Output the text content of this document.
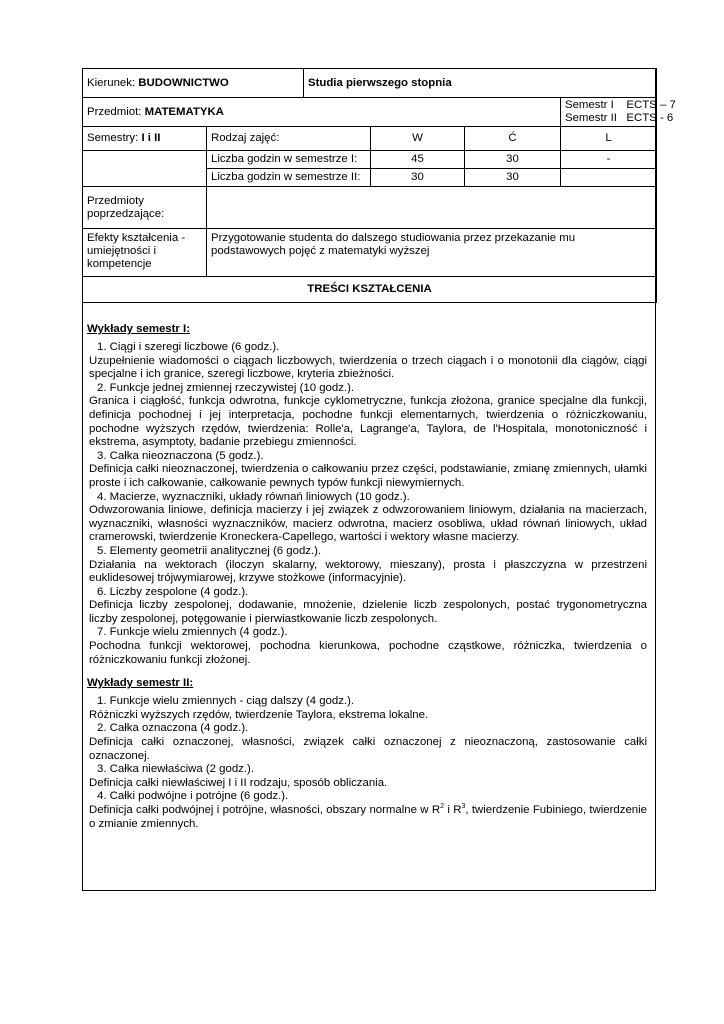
Kierunek: BUDOWNICTWO		Studia pierwszego stopnia			
Przedmiot: MATEMATYKA					Semestr I    ECTS – 7
Semestr II   ECTS - 6

Semestry: I i II	Rodzaj zajęć:		W	Ć	L
	Liczba godzin w semestrze I:		45	30	-
	Liczba godzin w semestrze II:		30	30	
Przedmioty poprzedzające:					
Efekty kształcenia - umiejętności i kompetencje	Przygotowanie studenta do dalszego studiowania przez przekazanie mu podstawowych pojęć z matematyki wyższej				
TREŚCI KSZTAŁCENIA					
Wykłady semestr I:

1. Ciągi i szeregi liczbowe (6 godz.).

Uzupełnienie wiadomości o ciągach liczbowych, twierdzenia o trzech ciągach i o monotonii dla ciągów, ciągi specjalne i ich granice, szeregi liczbowe, kryteria zbieżności.

2. Funkcje jednej zmiennej rzeczywistej (10 godz.).

Granica i ciągłość, funkcja odwrotna, funkcje cyklometryczne, funkcja złożona, granice specjalne dla funkcji, definicja pochodnej i jej interpretacja, pochodne funkcji elementarnych, twierdzenia o różniczkowaniu, pochodne wyższych rzędów, twierdzenia: Rolle'a, Lagrange'a, Taylora, de l'Hospitala, monotoniczność i ekstrema, asymptoty, badanie przebiegu zmienności.

3. Całka nieoznaczona (5 godz.).

Definicja całki nieoznaczonej, twierdzenia o całkowaniu przez części, podstawianie, zmianę zmiennych, ułamki proste i ich całkowanie, całkowanie pewnych typów funkcji niewymiernych.

4. Macierze, wyznaczniki, układy równań liniowych (10 godz.).

Odwzorowania liniowe, definicja macierzy i jej związek z odwzorowaniem liniowym, działania na macierzach, wyznaczniki, własności wyznaczników, macierz odwrotna, macierz osobliwa, układ równań liniowych, układ cramerowski, twierdzenie Kroneckera-Capellego, wartości i wektory własne macierzy.

5. Elementy geometrii analitycznej (6 godz.).

Działania na wektorach (iloczyn skalarny, wektorowy, mieszany), prosta i płaszczyzna w przestrzeni euklidesowej trójwymiarowej, krzywe stożkowe (informacyjnie).

6. Liczby zespolone (4 godz.).

Definicja liczby zespolonej, dodawanie, mnożenie, dzielenie liczb zespolonych, postać trygonometryczna liczby zespolonej, potęgowanie i pierwiastkowanie liczb zespolonych.

7. Funkcje wielu zmiennych (4 godz.).

Pochodna funkcji wektorowej, pochodna kierunkowa, pochodne cząstkowe, różniczka, twierdzenia o różniczkowaniu funkcji złożonej.

Wykłady semestr II:

1. Funkcje wielu zmiennych - ciąg dalszy (4 godz.).

Różniczki wyższych rzędów, twierdzenie Taylora, ekstrema lokalne.

2. Całka oznaczona (4 godz.).

Definicja całki oznaczonej, własności, związek całki oznaczonej z nieoznaczoną, zastosowanie całki oznaczonej.

3. Całka niewłaściwa (2 godz.).

Definicja całki niewłaściwej I i II rodzaju, sposób obliczania.

4. Całki podwójne i potrójne (6 godz.).

Definicja całki podwójnej i potrójne, własności, obszary normalne w $R^2$ i $R^3$, twierdzenie Fubiniego, twierdzenie o zmianie zmiennych.
